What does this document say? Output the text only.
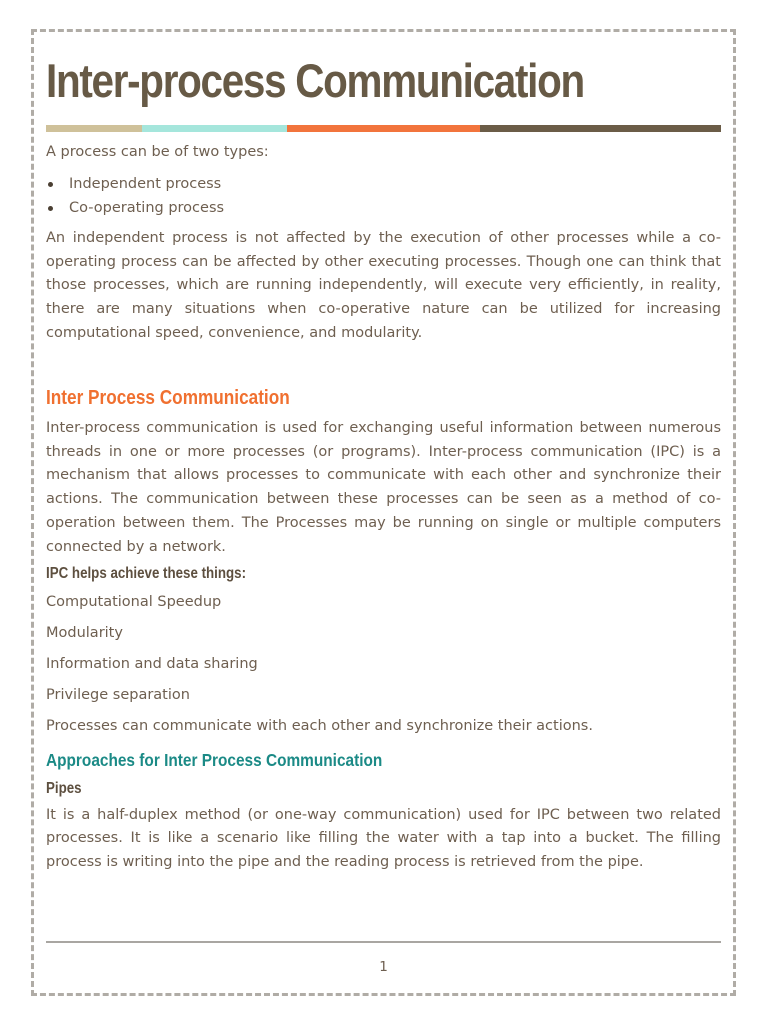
Inter-process Communication

A process can be of two types:

Independent process
Co-operating process

An independent process is not affected by the execution of other processes while a co-operating process can be affected by other executing processes. Though one can think that those processes, which are running independently, will execute very efficiently, in reality, there are many situations when co-operative nature can be utilized for increasing computational speed, convenience, and modularity.

Inter Process Communication

Inter-process communication is used for exchanging useful information between numerous threads in one or more processes (or programs). Inter-process communication (IPC) is a mechanism that allows processes to communicate with each other and synchronize their actions. The communication between these processes can be seen as a method of co-operation between them. The Processes may be running on single or multiple computers connected by a network.

IPC helps achieve these things:

Computational Speedup

Modularity

Information and data sharing

Privilege separation

Processes can communicate with each other and synchronize their actions.

Approaches for Inter Process Communication
Pipes

It is a half-duplex method (or one-way communication) used for IPC between two related processes. It is like a scenario like filling the water with a tap into a bucket. The filling process is writing into the pipe and the reading process is retrieved from the pipe.

1
